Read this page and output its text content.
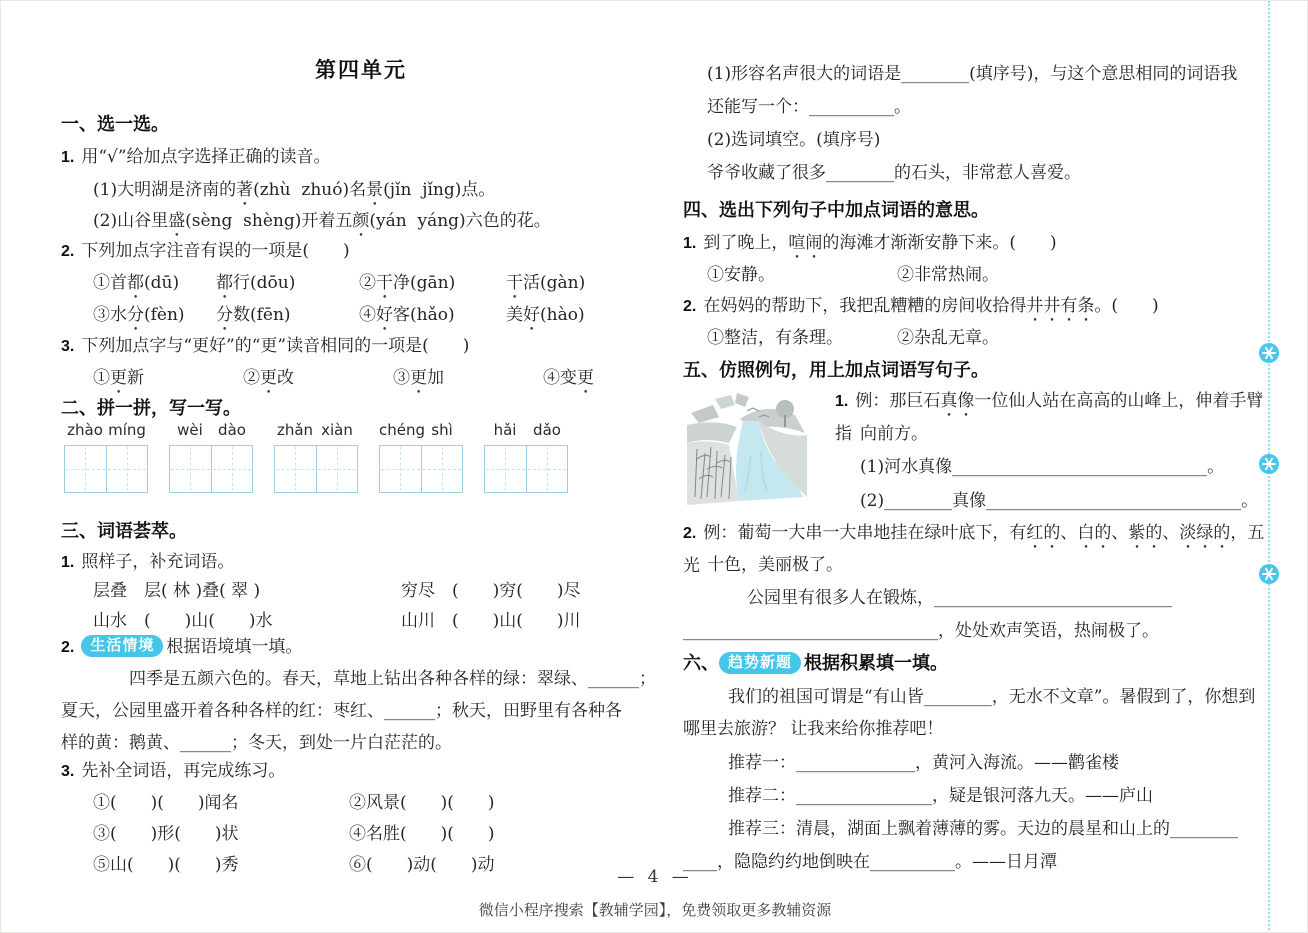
第四单元
一、选一选。
1. 用“√”给加点字选择正确的读音。
(1)大明湖是济南的著(zhù  zhuó)名景(jǐn  jǐng)点。
(2)山谷里盛(sèng  shèng)开着五颜(yán  yáng)六色的花。
2. 下列加点字注音有误的一项是(　　)
①首都(dū)	都行(dōu)	②干净(gān)	干活(gàn)
③水分(fèn)	分数(fēn)	④好客(hǎo)	美好(hào)
3. 下列加点字与“更好”的“更”读音相同的一项是(　　)
①更新	②更改	③更加	④变更
二、拼一拼，写一写。
zhào míng	wèi	dào	zhǎn xiàn	chéng shì	hǎi	dǎo
三、词语荟萃。
1. 照样子，补充词语。
层叠　层( 林 )叠( 翠 )	穷尽　(　　)穷(　　)尽
山水　(　　)山(　　)水	山川　(　　)山(　　)川
2. 生活情境 根据语境填一填。
四季是五颜六色的。春天，草地上钻出各种各样的绿：翠绿、______；
夏天，公园里盛开着各种各样的红：枣红、______；秋天，田野里有各种各
样的黄：鹅黄、______；冬天，到处一片白茫茫的。
3. 先补全词语，再完成练习。
①(　　)(　　)闻名	②风景(　　)(　　)
③(　　)形(　　)状	④名胜(　　)(　　)
⑤山(　　)(　　)秀	⑥(　　)动(　　)动
(1)形容名声很大的词语是________(填序号)，与这个意思相同的词语我
还能写一个：__________。
(2)选词填空。(填序号)
爷爷收藏了很多________的石头，非常惹人喜爱。
四、选出下列句子中加点词语的意思。
1. 到了晚上，喧闹的海滩才渐渐安静下来。(　　)
①安静。	②非常热闹。
2. 在妈妈的帮助下，我把乱糟糟的房间收拾得井井有条。(　　)
①整洁，有条理。	②杂乱无章。
五、仿照例句，用上加点词语写句子。
1. 例：那巨石真像一位仙人站在高高的山峰上，伸着手臂指 向前方。
(1)河水真像______________________________。
(2)________真像______________________________。
2. 例：葡萄一大串一大串地挂在绿叶底下，有红的、白的、紫的、淡绿的，五光 十色，美丽极了。
公园里有很多人在锻炼，____________________________
______________________________，处处欢声笑语，热闹极了。
六、 趋势新题 根据积累填一填。
我们的祖国可谓是“有山皆________，无水不文章”。暑假到了，你想到
哪里去旅游？ 让我来给你推荐吧！
推荐一：______________，黄河入海流。——鹳雀楼
推荐二：________________，疑是银河落九天。——庐山
推荐三：清晨，湖面上飘着薄薄的雾。天边的晨星和山上的________
____，隐隐约约地倒映在__________。——日月潭
— 4 —
微信小程序搜索【教辅学园】，免费领取更多教辅资源
